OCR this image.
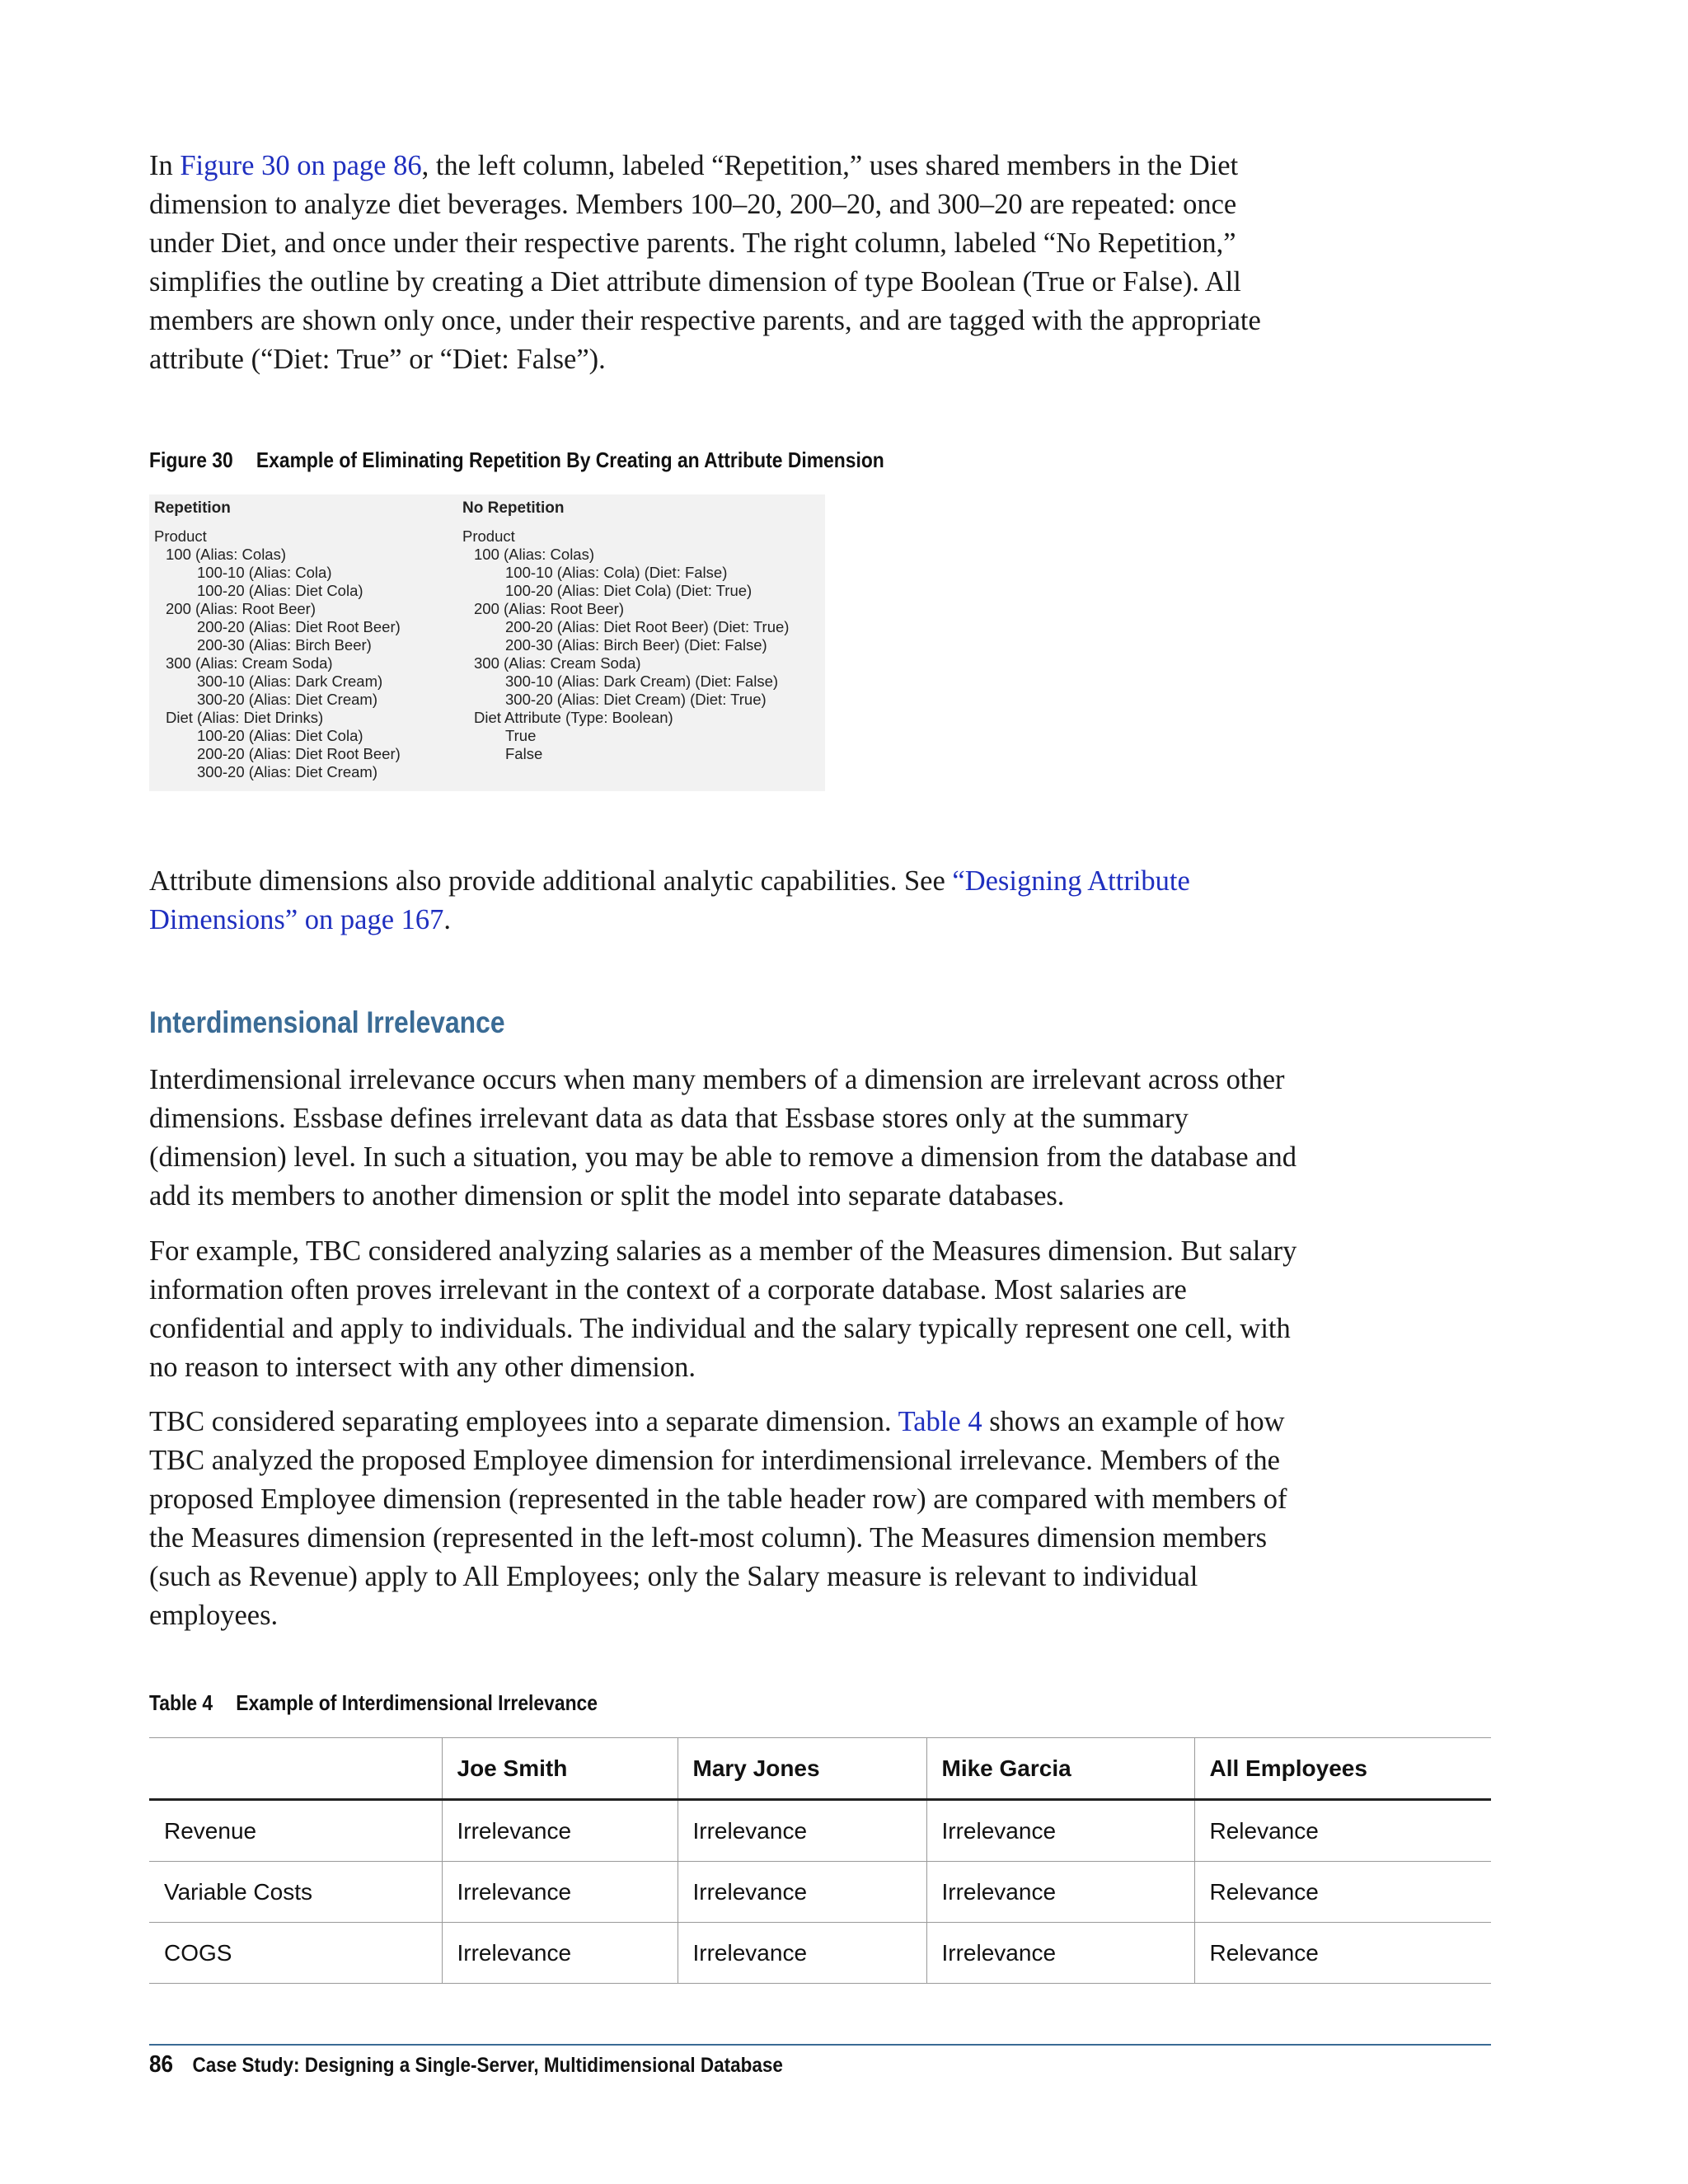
In Figure 30 on page 86, the left column, labeled “Repetition,” uses shared members in the Diet dimension to analyze diet beverages. Members 100–20, 200–20, and 300–20 are repeated: once under Diet, and once under their respective parents. The right column, labeled “No Repetition,” simplifies the outline by creating a Diet attribute dimension of type Boolean (True or False). All members are shown only once, under their respective parents, and are tagged with the appropriate attribute (“Diet: True” or “Diet: False”).

Figure 30 Example of Eliminating Repetition By Creating an Attribute Dimension
Repetition
Product
100 (Alias: Colas)
100-10 (Alias: Cola)
100-20 (Alias: Diet Cola)
200 (Alias: Root Beer)
200-20 (Alias: Diet Root Beer)
200-30 (Alias: Birch Beer)
300 (Alias: Cream Soda)
300-10 (Alias: Dark Cream)
300-20 (Alias: Diet Cream)
Diet (Alias: Diet Drinks)
100-20 (Alias: Diet Cola)
200-20 (Alias: Diet Root Beer)
300-20 (Alias: Diet Cream)
No Repetition
Product
100 (Alias: Colas)
100-10 (Alias: Cola) (Diet: False)
100-20 (Alias: Diet Cola) (Diet: True)
200 (Alias: Root Beer)
200-20 (Alias: Diet Root Beer) (Diet: True)
200-30 (Alias: Birch Beer) (Diet: False)
300 (Alias: Cream Soda)
300-10 (Alias: Dark Cream) (Diet: False)
300-20 (Alias: Diet Cream) (Diet: True)
Diet Attribute (Type: Boolean)
True
False

Attribute dimensions also provide additional analytic capabilities. See “Designing Attribute Dimensions” on page 167.

Interdimensional Irrelevance

Interdimensional irrelevance occurs when many members of a dimension are irrelevant across other dimensions. Essbase defines irrelevant data as data that Essbase stores only at the summary (dimension) level. In such a situation, you may be able to remove a dimension from the database and add its members to another dimension or split the model into separate databases.

For example, TBC considered analyzing salaries as a member of the Measures dimension. But salary information often proves irrelevant in the context of a corporate database. Most salaries are confidential and apply to individuals. The individual and the salary typically represent one cell, with no reason to intersect with any other dimension.

TBC considered separating employees into a separate dimension. Table 4 shows an example of how TBC analyzed the proposed Employee dimension for interdimensional irrelevance. Members of the proposed Employee dimension (represented in the table header row) are compared with members of the Measures dimension (represented in the left-most column). The Measures dimension members (such as Revenue) apply to All Employees; only the Salary measure is relevant to individual employees.

Table 4 Example of Interdimensional Irrelevance
	Joe Smith	Mary Jones	Mike Garcia	All Employees
Revenue	Irrelevance	Irrelevance	Irrelevance	Relevance
Variable Costs	Irrelevance	Irrelevance	Irrelevance	Relevance
COGS	Irrelevance	Irrelevance	Irrelevance	Relevance
86 Case Study: Designing a Single-Server, Multidimensional Database
